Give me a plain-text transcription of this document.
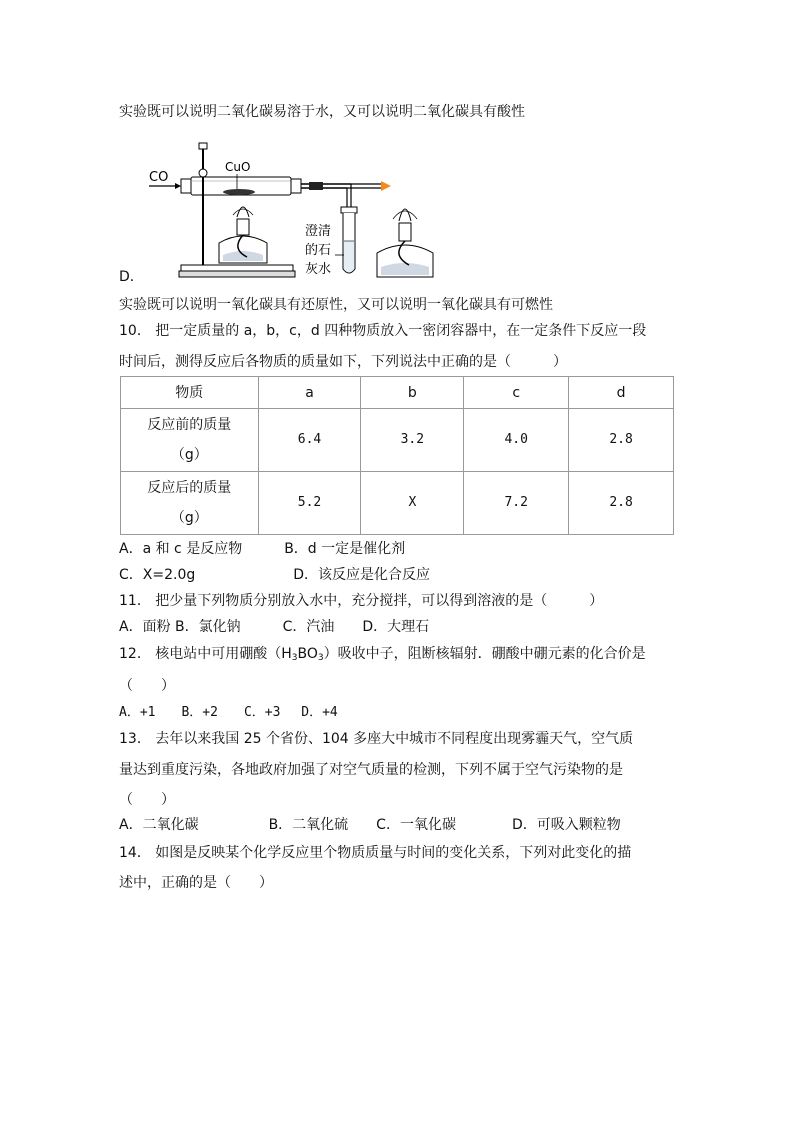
实验既可以说明二氧化碳易溶于水，又可以说明二氧化碳具有酸性
CO
CuO
澄清
的石
灰水
D．
实验既可以说明一氧化碳具有还原性，又可以说明一氧化碳具有可燃性
10． 把一定质量的 a，b，c，d 四种物质放入一密闭容器中，在一定条件下反应一段
时间后，测得反应后各物质的质量如下，下列说法中正确的是（　　　）
物质	a	b	c	d

反应前的质量
（g）	6.4	3.2	4.0	2.8

反应后的质量
（g）	5.2	X	7.2	2.8
A．a 和 c 是反应物　　　B．d 一定是催化剂
C．X=2.0g　　　　　　　D．该反应是化合反应
11． 把少量下列物质分别放入水中，充分搅拌，可以得到溶液的是（　　　）
A．面粉 B．氯化钠　　　C．汽油　　D．大理石
12． 核电站中可用硼酸$(H_3BO_3)$吸收中子，阻断核辐射．硼酸中硼元素的化合价是
（　　）
A．+1　　B．+2　　C．+3　 D．+4
13． 去年以来我国 25 个省份、104 多座大中城市不同程度出现雾霾天气，空气质
量达到重度污染，各地政府加强了对空气质量的检测，下列不属于空气污染物的是
（　　）
A．二氧化碳　　　　　B．二氧化硫　　C．一氧化碳　　　　D．可吸入颗粒物
14． 如图是反映某个化学反应里个物质质量与时间的变化关系，下列对此变化的描
述中，正确的是（　　）
